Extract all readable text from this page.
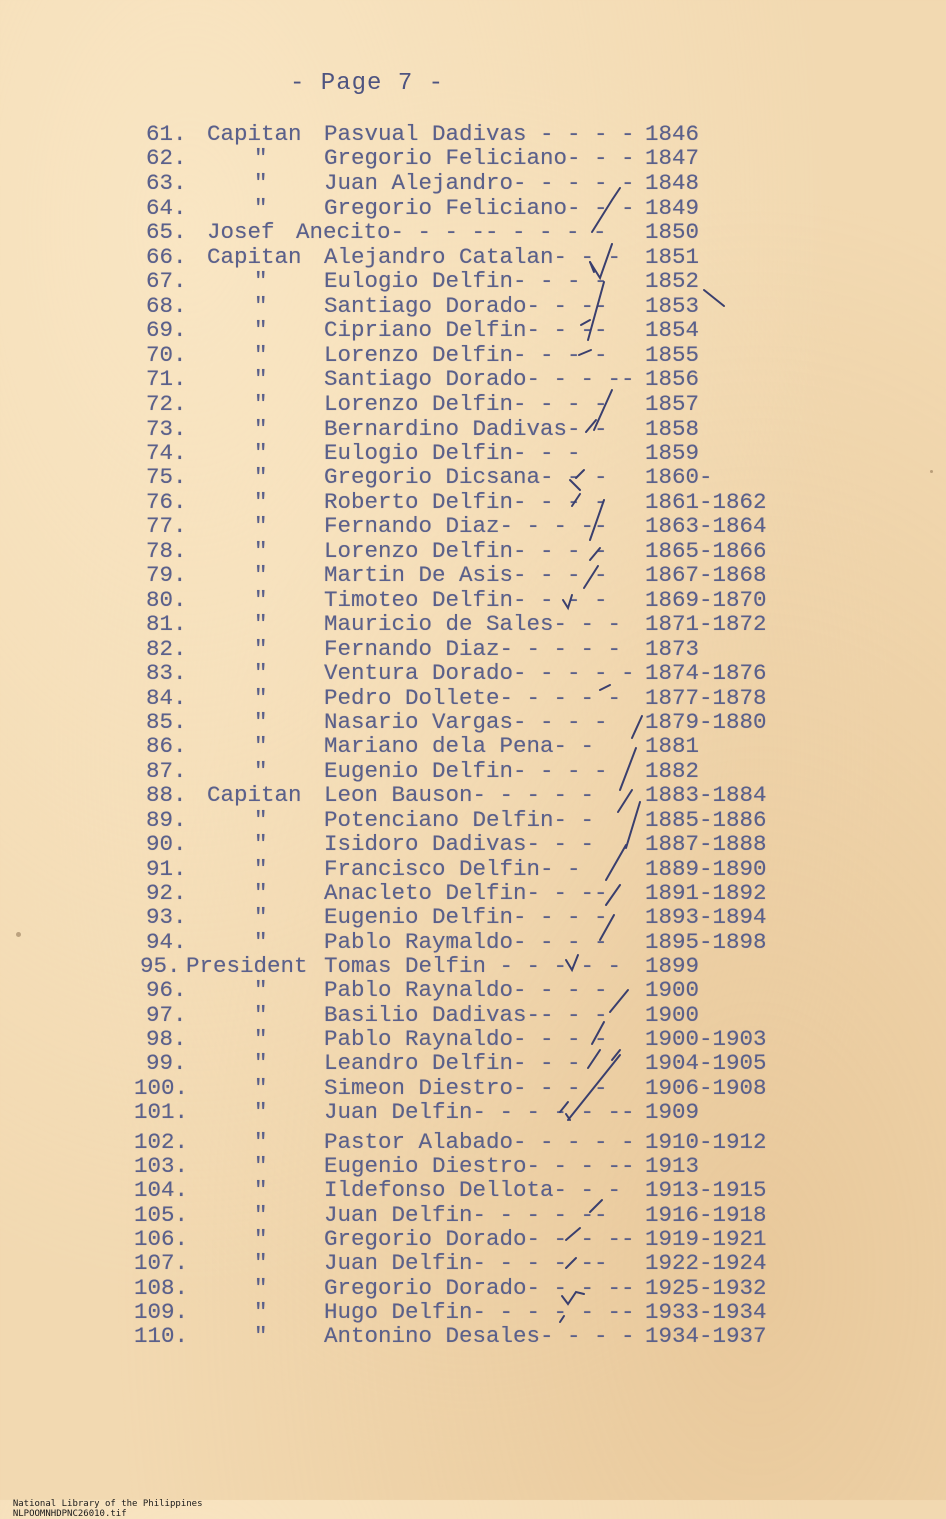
- Page 7 -
61. Capitan Pasvual Dadivas - - - - 1846
62.	"	Gregorio Feliciano- - - 1847
63.	"	Juan Alejandro- - - - - 1848
64.	"	Gregorio Feliciano- - - 1849
65. Josef Anecito- - - -- - - - - 1850
66. Capitan Alejandro Catalan- - - 1851
67.	"	Eulogio Delfin- - - - 1852
68.	"	Santiago Dorado- - -- 1853
69.	"	Cipriano Delfin- - -- 1854
70.	"	Lorenzo Delfin- - - - 1855
71.	"	Santiago Dorado- - - -- 1856
72.	"	Lorenzo Delfin- - - - 1857
73.	"	Bernardino Dadivas- - 1858
74.	"	Eulogio Delfin- - -	1859
75.	"	Gregorio Dicsana- - - 1860-
76.	"	Roberto Delfin- - - - 1861-1862
77.	"	Fernando Diaz- - - -- 1863-1864
78.	"	Lorenzo Delfin- - - - 1865-1866
79.	"	Martin De Asis- - - - 1867-1868
80.	"	Timoteo Delfin- - - - 1869-1870
81.	"	Mauricio de Sales- - - 1871-1872
82.	"	Fernando Diaz- - - - - 1873
83.	"	Ventura Dorado- - - - - 1874-1876
84.	"	Pedro Dollete- - - - - 1877-1878
85.	"	Nasario Vargas- - - - 1879-1880
86.	"	Mariano dela Pena- - 1881
87.	"	Eugenio Delfin- - - - 1882
88. Capitan Leon Bauson- - - - - 1883-1884
89.	"	Potenciano Delfin- - 1885-1886
90.	"	Isidoro Dadivas- - - 1887-1888
91.	"	Francisco Delfin- -	1889-1890
92.	"	Anacleto Delfin- - -- 1891-1892
93.	"	Eugenio Delfin- - - - 1893-1894
94.	"	Pablo Raymaldo- - - - 1895-1898
95. President Tomas Delfin - - - - - 1899
96.	"	Pablo Raynaldo- - - - 1900
97.	"	Basilio Dadivas-- - - 1900
98.	"	Pablo Raynaldo- - - - 1900-1903
99.	"	Leandro Delfin- - -	1904-1905
100.	"	Simeon Diestro- - - - 1906-1908
101.	"	Juan Delfin- - - - - -- 1909
102.	"	Pastor Alabado- - - - - 1910-1912
103.	"	Eugenio Diestro- - - -- 1913
104.	"	Ildefonso Dellota- - - 1913-1915
105.	"	Juan Delfin- - - - -- 1916-1918
106.	"	Gregorio Dorado- - - -- 1919-1921
107.	"	Juan Delfin- - - - -- 1922-1924
108.	"	Gregorio Dorado- - - -- 1925-1932
109.	"	Hugo Delfin- - - - - -- 1933-1934
110.	"	Antonino Desales- - - - 1934-1937

National Library of the Philippines
NLPOOMNHDPNC26010.tif
